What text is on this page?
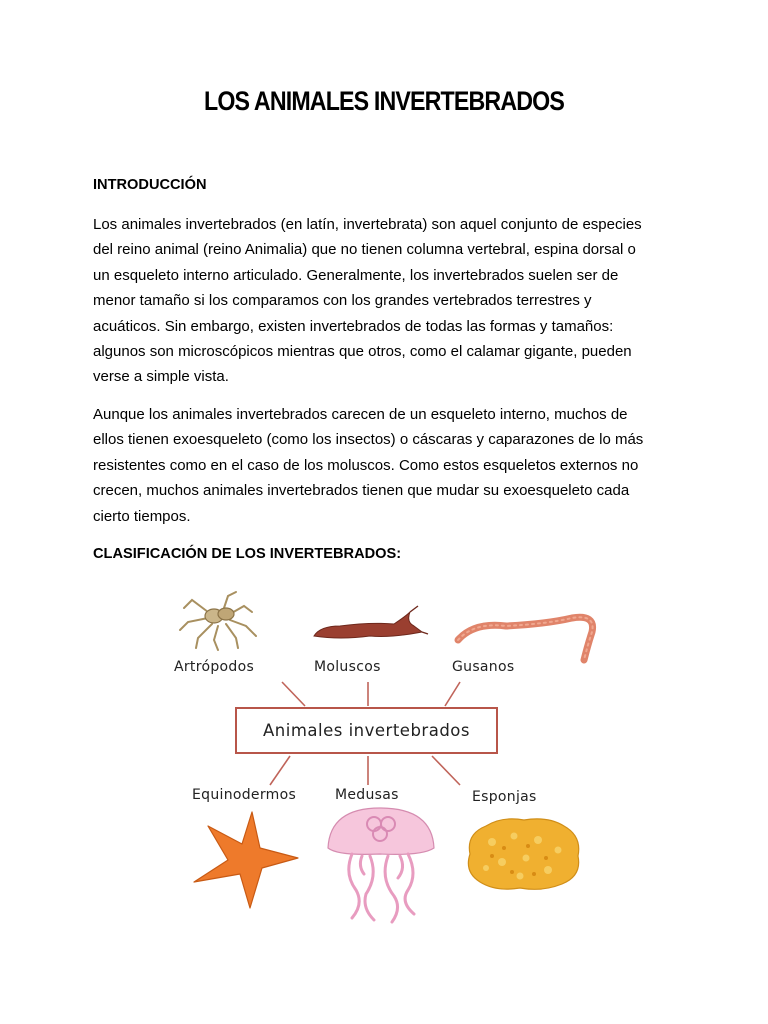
LOS ANIMALES INVERTEBRADOS
INTRODUCCIÓN

Los animales invertebrados (en latín, invertebrata) son aquel conjunto de especies
del reino animal (reino Animalia) que no tienen columna vertebral, espina dorsal o
un esqueleto interno articulado. Generalmente, los invertebrados suelen ser de
menor tamaño si los comparamos con los grandes vertebrados terrestres y
acuáticos. Sin embargo, existen invertebrados de todas las formas y tamaños:
algunos son microscópicos mientras que otros, como el calamar gigante, pueden
verse a simple vista.

Aunque los animales invertebrados carecen de un esqueleto interno, muchos de
ellos tienen exoesqueleto (como los insectos) o cáscaras y caparazones de lo más
resistentes como en el caso de los moluscos. Como estos esqueletos externos no
crecen, muchos animales invertebrados tienen que mudar su exoesqueleto cada
cierto tiempos.

CLASIFICACIÓN DE LOS INVERTEBRADOS:
Artrópodos	Moluscos	Gusanos
Animales invertebrados
Equinodermos	Medusas	Esponjas
